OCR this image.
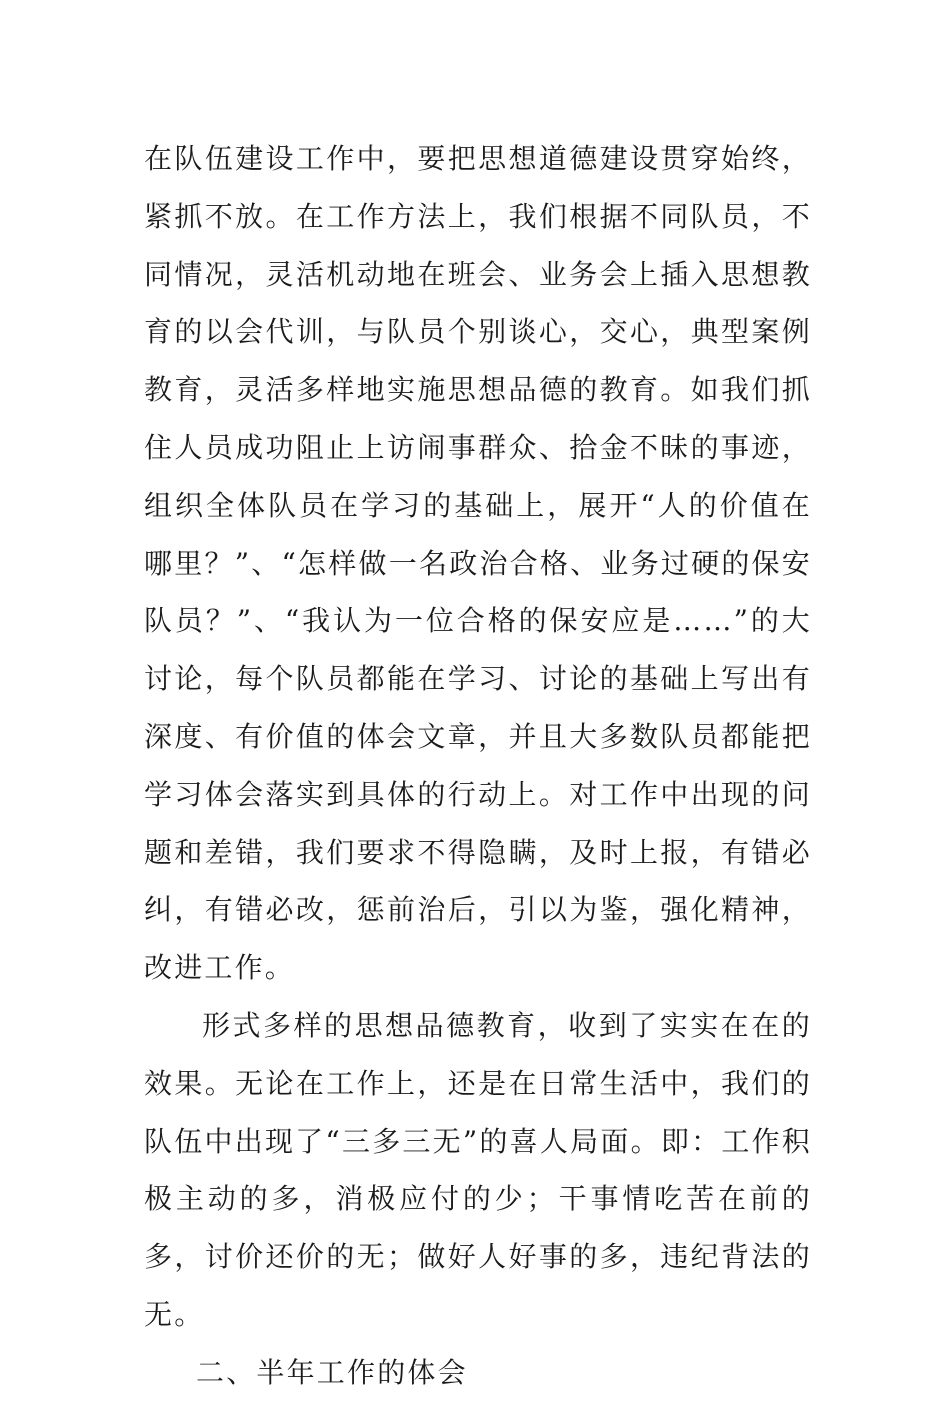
在队伍建设工作中，要把思想道德建设贯穿始终，紧抓不放。在工作方法上，我们根据不同队员，不同情况，灵活机动地在班会、业务会上插入思想教育的以会代训，与队员个别谈心，交心，典型案例教育，灵活多样地实施思想品德的教育。如我们抓住人员成功阻止上访闹事群众、拾金不昧的事迹，组织全体队员在学习的基础上，展开“人的价值在哪里？”、“怎样做一名政治合格、业务过硬的保安队员？”、“我认为一位合格的保安应是……”的大讨论，每个队员都能在学习、讨论的基础上写出有深度、有价值的体会文章，并且大多数队员都能把学习体会落实到具体的行动上。对工作中出现的问题和差错，我们要求不得隐瞒，及时上报，有错必纠，有错必改，惩前治后，引以为鉴，强化精神，改进工作。

形式多样的思想品德教育，收到了实实在在的效果。无论在工作上，还是在日常生活中，我们的队伍中出现了“三多三无”的喜人局面。即：工作积极主动的多，消极应付的少；干事情吃苦在前的多，讨价还价的无；做好人好事的多，违纪背法的无。

二、半年工作的体会
